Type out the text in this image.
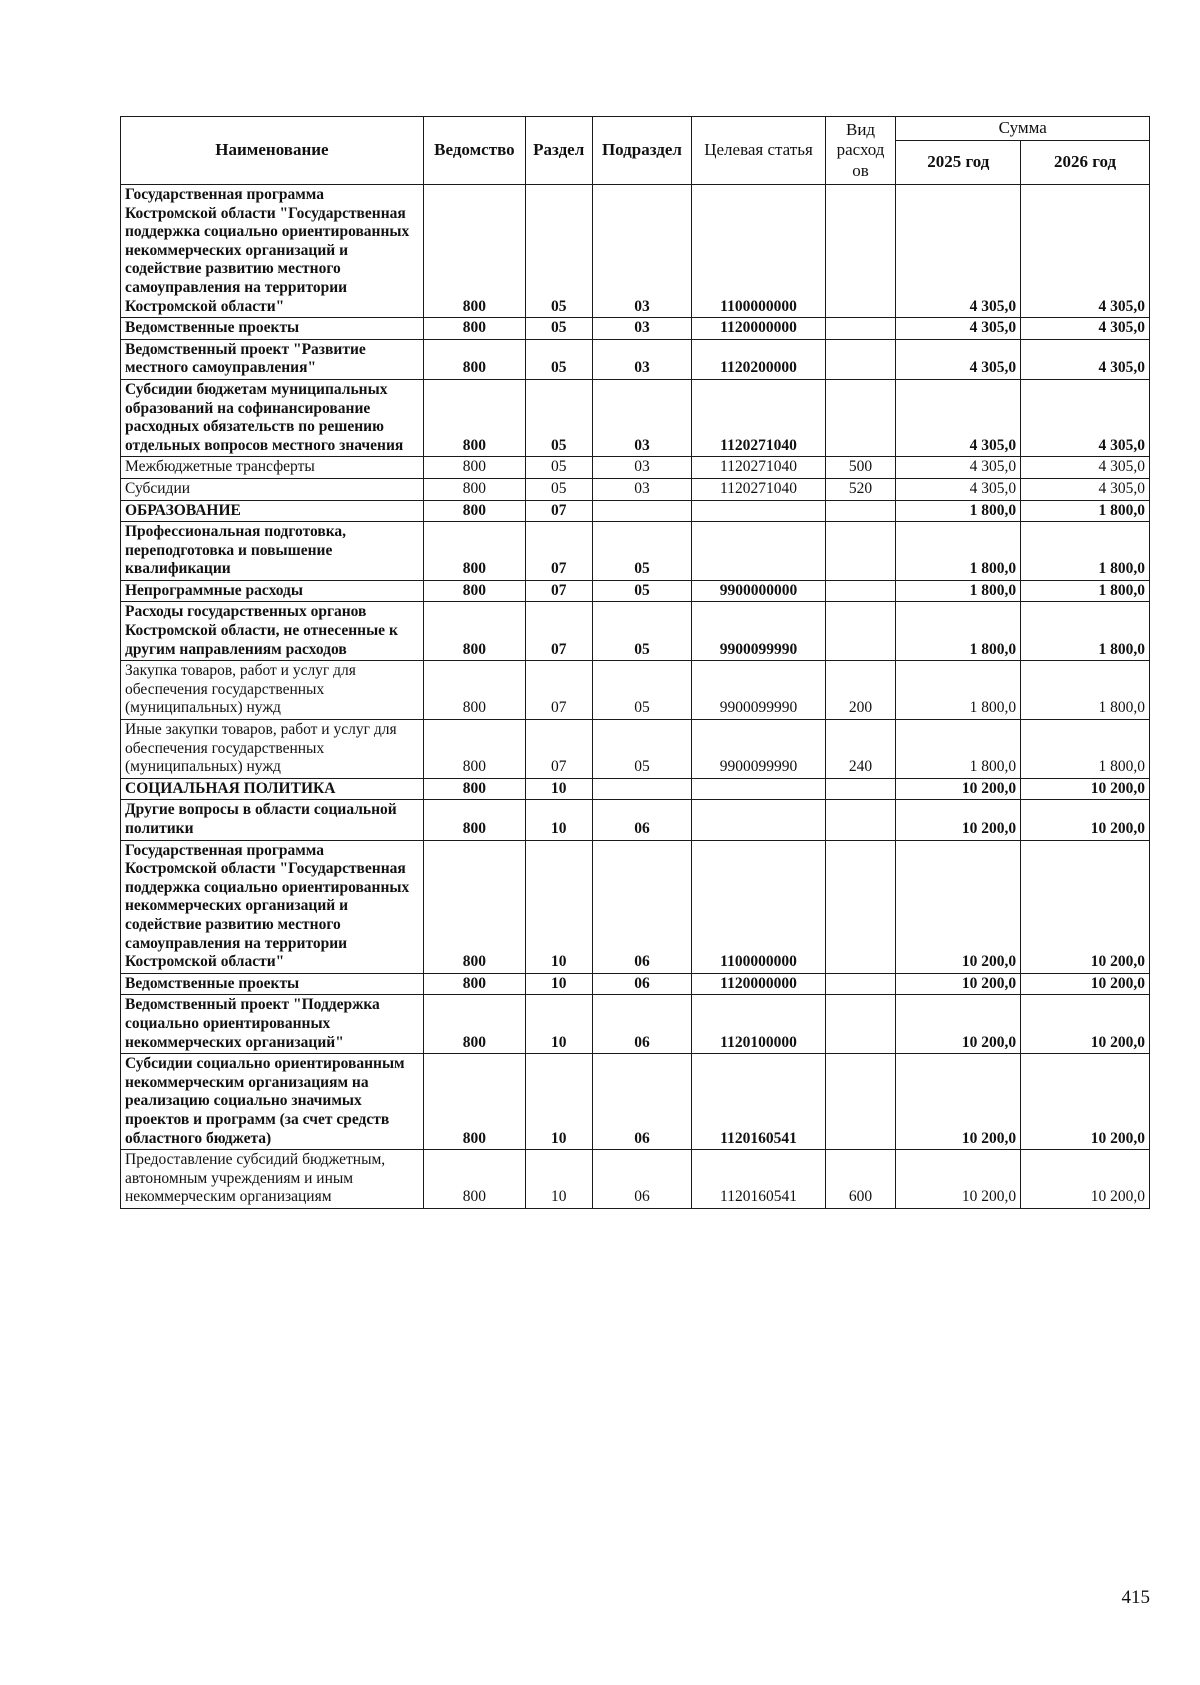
Наименование	Ведомство	Раздел	Подраздел	Целевая статья	Вид расход ов	Сумма	
						2025 год	2026 год
Государственная программа Костромской области "Государственная поддержка социально ориентированных некоммерческих организаций и содействие развитию местного самоуправления на территории Костромской области"	800	05	03	1100000000		4 305,0	4 305,0
Ведомственные проекты	800	05	03	1120000000		4 305,0	4 305,0
Ведомственный проект "Развитие местного самоуправления"	800	05	03	1120200000		4 305,0	4 305,0
Субсидии бюджетам муниципальных образований на софинансирование расходных обязательств по решению отдельных вопросов местного значения	800	05	03	1120271040		4 305,0	4 305,0
Межбюджетные трансферты	800	05	03	1120271040	500	4 305,0	4 305,0
Субсидии	800	05	03	1120271040	520	4 305,0	4 305,0
ОБРАЗОВАНИЕ	800	07				1 800,0	1 800,0
Профессиональная подготовка, переподготовка и повышение квалификации	800	07	05			1 800,0	1 800,0
Непрограммные расходы	800	07	05	9900000000		1 800,0	1 800,0
Расходы государственных органов Костромской области, не отнесенные к другим направлениям расходов	800	07	05	9900099990		1 800,0	1 800,0
Закупка товаров, работ и услуг для обеспечения государственных (муниципальных) нужд	800	07	05	9900099990	200	1 800,0	1 800,0
Иные закупки товаров, работ и услуг для обеспечения государственных (муниципальных) нужд	800	07	05	9900099990	240	1 800,0	1 800,0
СОЦИАЛЬНАЯ ПОЛИТИКА	800	10				10 200,0	10 200,0
Другие вопросы в области социальной политики	800	10	06			10 200,0	10 200,0
Государственная программа Костромской области "Государственная поддержка социально ориентированных некоммерческих организаций и содействие развитию местного самоуправления на территории Костромской области"	800	10	06	1100000000		10 200,0	10 200,0
Ведомственные проекты	800	10	06	1120000000		10 200,0	10 200,0
Ведомственный проект "Поддержка социально ориентированных некоммерческих организаций"	800	10	06	1120100000		10 200,0	10 200,0
Субсидии социально ориентированным некоммерческим организациям на реализацию социально значимых проектов и программ (за счет средств областного бюджета)	800	10	06	1120160541		10 200,0	10 200,0
Предоставление субсидий бюджетным, автономным учреждениям и иным некоммерческим организациям	800	10	06	1120160541	600	10 200,0	10 200,0
415
